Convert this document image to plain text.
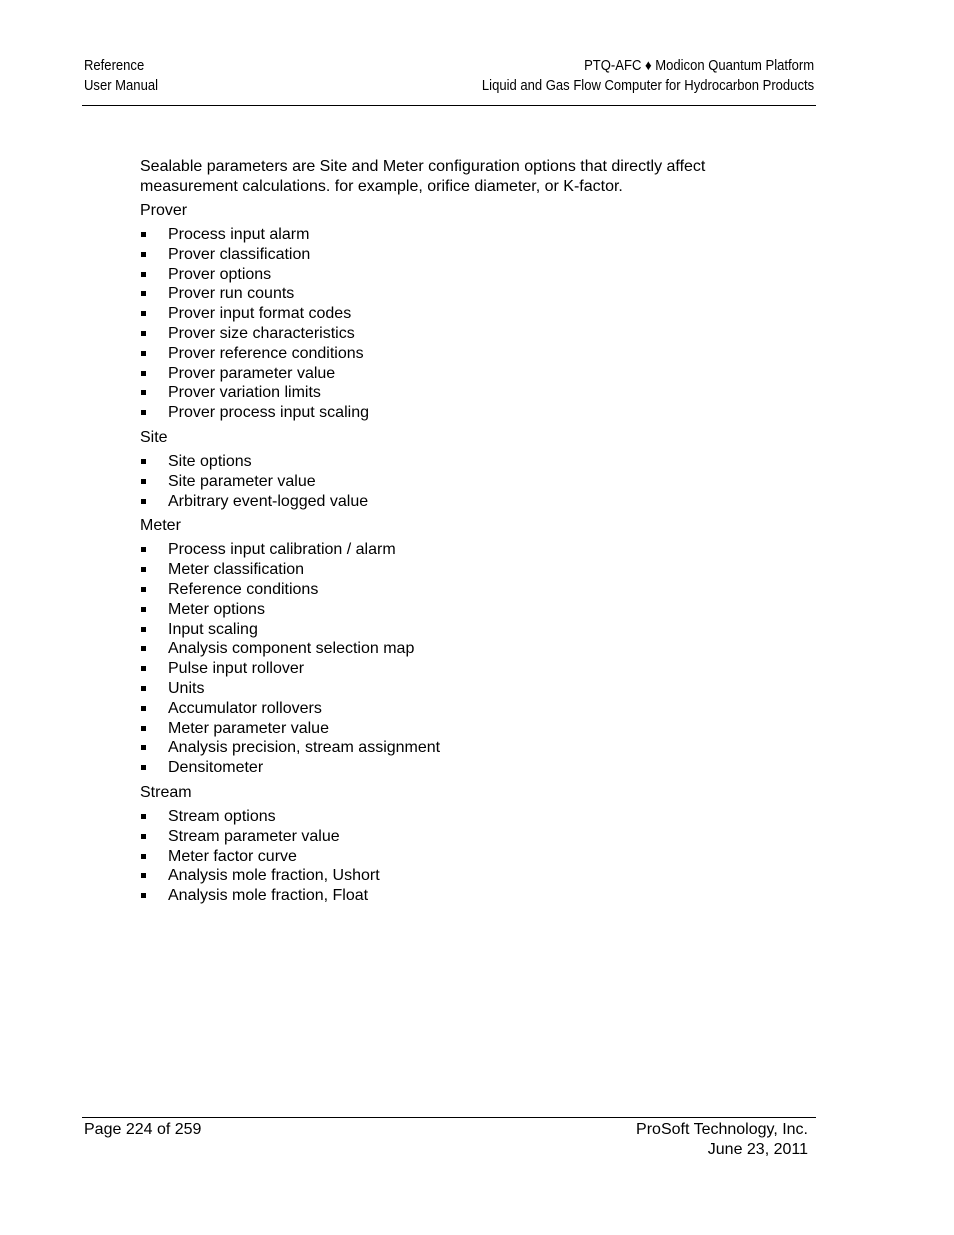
Reference
User Manual
PTQ-AFC ♦ Modicon Quantum Platform
Liquid and Gas Flow Computer for Hydrocarbon Products

Sealable parameters are Site and Meter configuration options that directly affect measurement calculations. for example, orifice diameter, or K-factor.

Prover
Process input alarm
Prover classification
Prover options
Prover run counts
Prover input format codes
Prover size characteristics
Prover reference conditions
Prover parameter value
Prover variation limits
Prover process input scaling
Site
Site options
Site parameter value
Arbitrary event-logged value
Meter
Process input calibration / alarm
Meter classification
Reference conditions
Meter options
Input scaling
Analysis component selection map
Pulse input rollover
Units
Accumulator rollovers
Meter parameter value
Analysis precision, stream assignment
Densitometer
Stream
Stream options
Stream parameter value
Meter factor curve
Analysis mole fraction, Ushort
Analysis mole fraction, Float
Page 224 of 259	ProSoft Technology, Inc.
June 23, 2011
